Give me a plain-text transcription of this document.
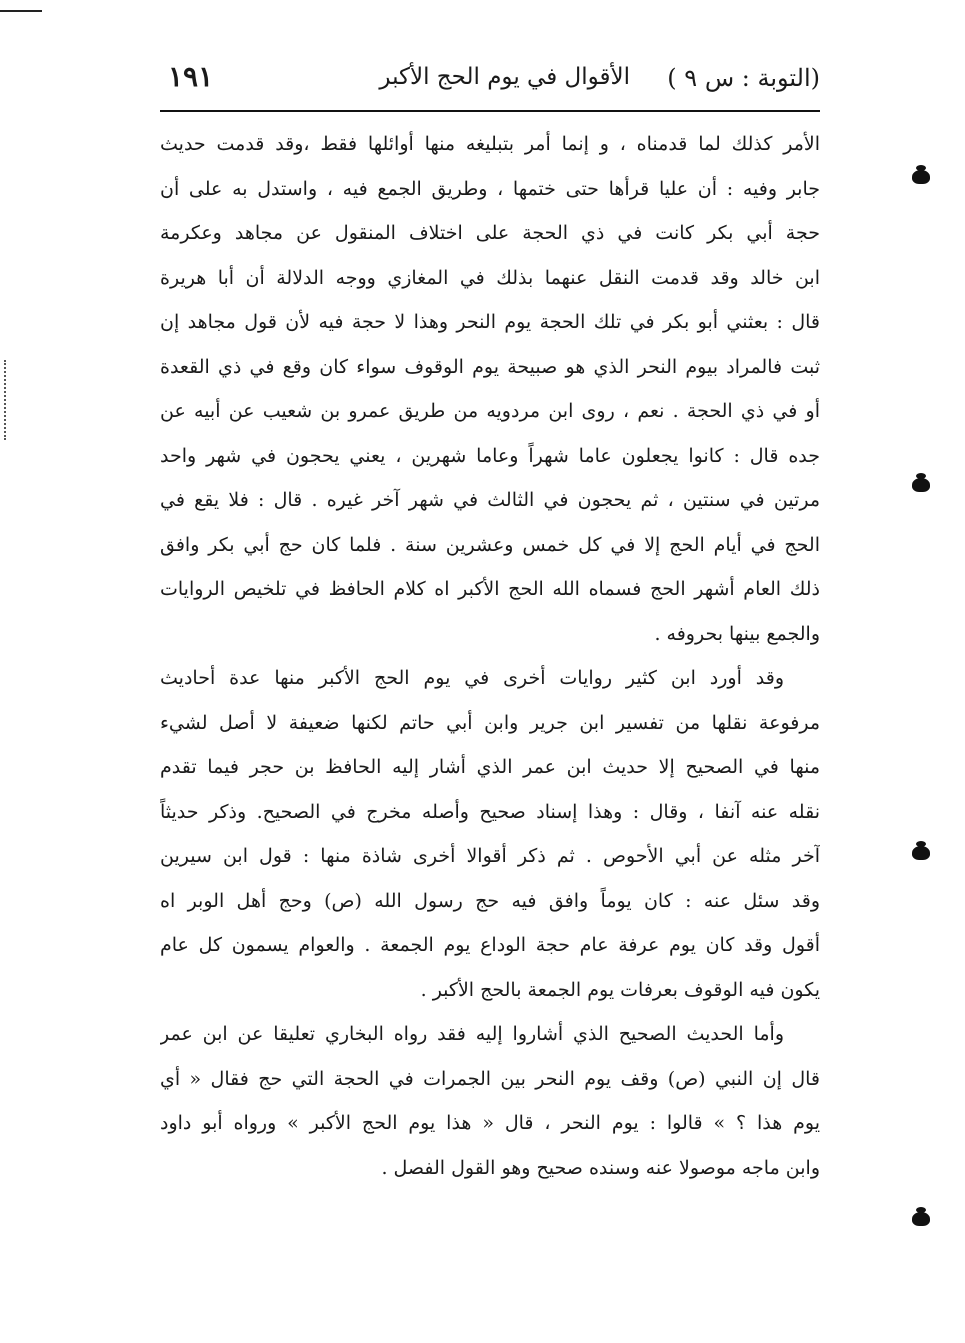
(التوبة : س ٩ )
الأقوال في يوم الحج الأكبر
١٩١
الأمر كذلك لما قدمناه ، و إنما أمر بتبليغه منها أوائلها فقط ،وقد قدمت حديث
جابر وفيه : أن عليا قرأها حتى ختمها ، وطريق الجمع فيه ، واستدل به على أن
حجة أبي بكر كانت في ذي الحجة على اختلاف المنقول عن مجاهد وعكرمة
ابن خالد وقد قدمت النقل عنهما بذلك في المغازي ووجه الدلالة أن أبا هريرة
قال : بعثني أبو بكر في تلك الحجة يوم النحر وهذا لا حجة فيه لأن قول مجاهد إن
ثبت فالمراد بيوم النحر الذي هو صبيحة يوم الوقوف سواء كان وقع في ذي القعدة
أو في ذي الحجة . نعم ، روى ابن مردويه من طريق عمرو بن شعيب عن أبيه عن
جده قال : كانوا يجعلون عاما شهراً وعاما شهرين ، يعني يحجون في شهر واحد
مرتين في سنتين ، ثم يحجون في الثالث في شهر آخر غيره . قال : فلا يقع في
الحج في أيام الحج إلا في كل خمس وعشرين سنة . فلما كان حج أبي بكر وافق
ذلك العام أشهر الحج فسماه الله الحج الأكبر اه كلام الحافظ في تلخيص الروايات
والجمع بينها بحروفه .
وقد أورد ابن كثير روايات أخرى في يوم الحج الأكبر منها عدة أحاديث
مرفوعة نقلها من تفسير ابن جرير وابن أبي حاتم لكنها ضعيفة لا أصل لشيء
منها في الصحيح إلا حديث ابن عمر الذي أشار إليه الحافظ بن حجر فيما تقدم
نقله عنه آنفا ، وقال : وهذا إسناد صحيح وأصله مخرج في الصحيح. وذكر حديثاً
آخر مثله عن أبي الأحوص . ثم ذكر أقوالا أخرى شاذة منها : قول ابن سيرين
وقد سئل عنه : كان يوماً وافق فيه حج رسول الله (ص) وحج أهل الوبر اه
أقول وقد كان يوم عرفة عام حجة الوداع يوم الجمعة . والعوام يسمون كل عام
يكون فيه الوقوف بعرفات يوم الجمعة بالحج الأكبر .
وأما الحديث الصحيح الذي أشاروا إليه فقد رواه البخاري تعليقا عن ابن عمر
قال إن النبي (ص) وقف يوم النحر بين الجمرات في الحجة التي حج فقال « أي
يوم هذا ؟ » قالوا : يوم النحر ، قال « هذا يوم الحج الأكبر » ورواه أبو داود
وابن ماجه موصولا عنه وسنده صحيح وهو القول الفصل .
